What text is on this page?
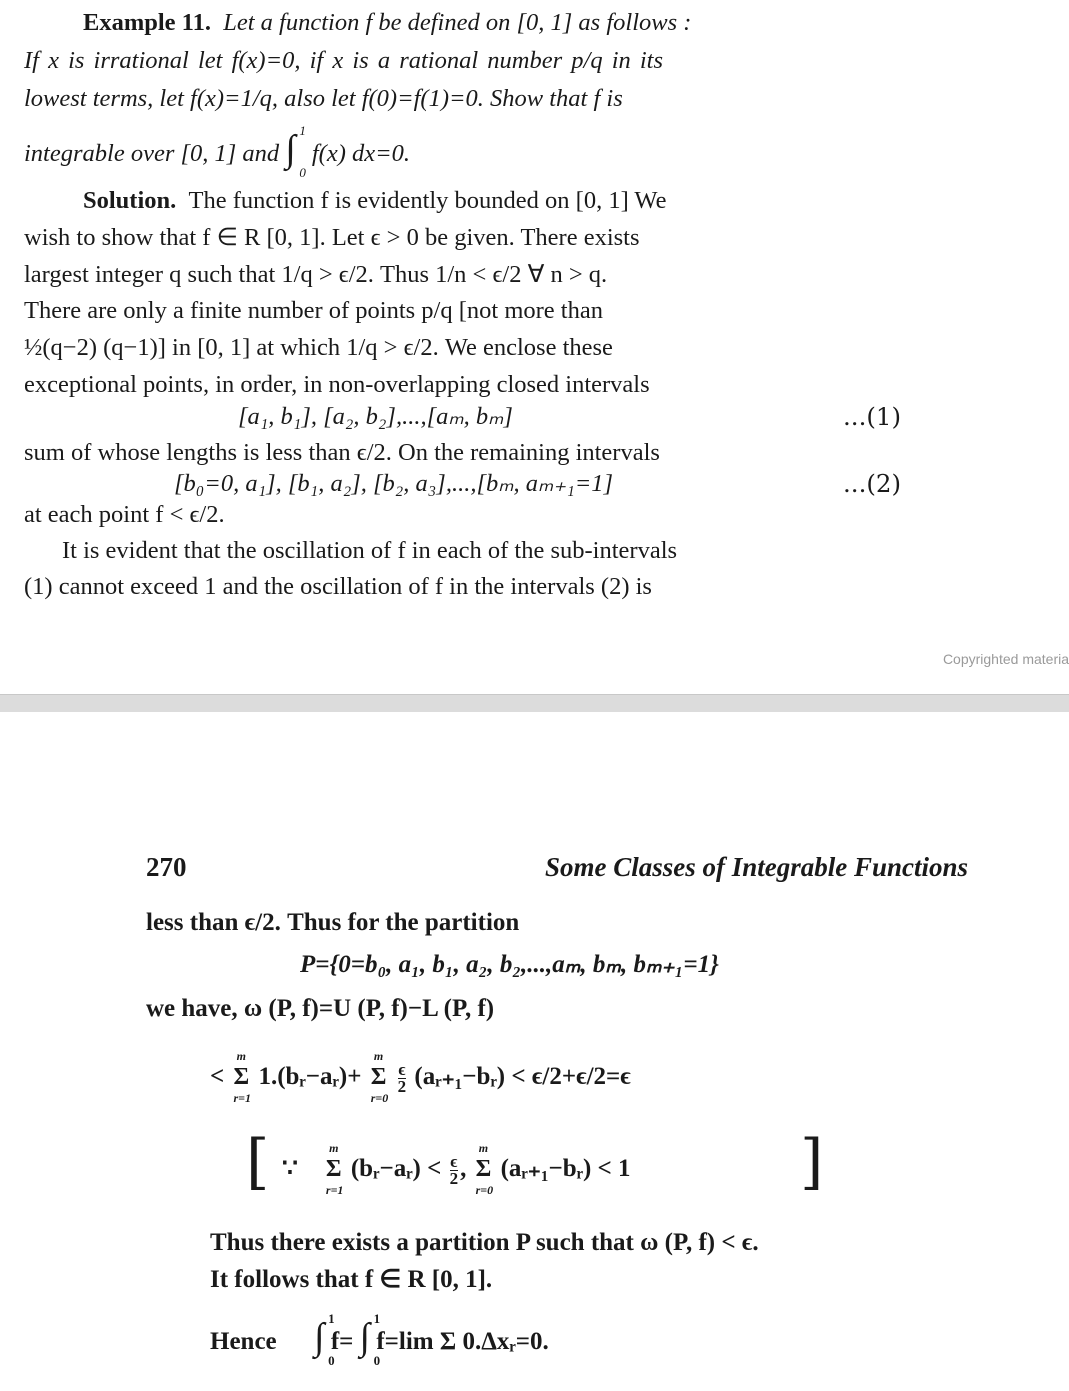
Example 11. Let a function f be defined on [0, 1] as follows :
If x is irrational let f(x)=0, if x is a rational number p/q in its
lowest terms, let f(x)=1/q, also let f(0)=f(1)=0. Show that f is
integrable over [0, 1] and ∫ 1
0
f(x) dx=0.
Solution. The function f is evidently bounded on [0, 1] We
wish to show that f ∈ R [0, 1]. Let ϵ > 0 be given. There exists
largest integer q such that 1/q > ϵ/2. Thus 1/n < ϵ/2 ∀ n > q.
There are only a finite number of points p/q [not more than
½(q−2) (q−1)] in [0, 1] at which 1/q > ϵ/2. We enclose these
exceptional points, in order, in non-overlapping closed intervals
[a₁, b₁], [a₂, b₂],...,[aₘ, bₘ]	...(1)
sum of whose lengths is less than ϵ/2. On the remaining intervals
[b₀=0, a₁], [b₁, a₂], [b₂, a₃],...,[bₘ, aₘ₊₁=1]	...(2)
at each point f < ϵ/2.
It is evident that the oscillation of f in each of the sub-intervals
(1) cannot exceed 1 and the oscillation of f in the intervals (2) is
Copyrighted materia
270	Some Classes of Integrable Functions
less than ϵ/2. Thus for the partition
P={0=b₀, a₁, b₁, a₂, b₂,...,aₘ, bₘ, bₘ₊₁=1}
we have, ω (P, f)=U (P, f)−L (P, f)
< Σ
m
r=1
1.(bᵣ−aᵣ)+ Σ
m
r=0
$\frac{\epsilon}{2}$ (aᵣ₊₁−bᵣ) < ϵ/2+ϵ/2=ϵ
[ ∵ Σ
m
r=1
(bᵣ−aᵣ) < $\frac{\epsilon}{2}$ , Σ
m
r=0
(aᵣ₊₁−bᵣ) < 1	]
Thus there exists a partition P such that ω (P, f) < ϵ.
It follows that f ∈ R [0, 1].
Hence ∫ 1
0
f= ∫ 1
0
f=lim Σ 0.Δxᵣ=0.
